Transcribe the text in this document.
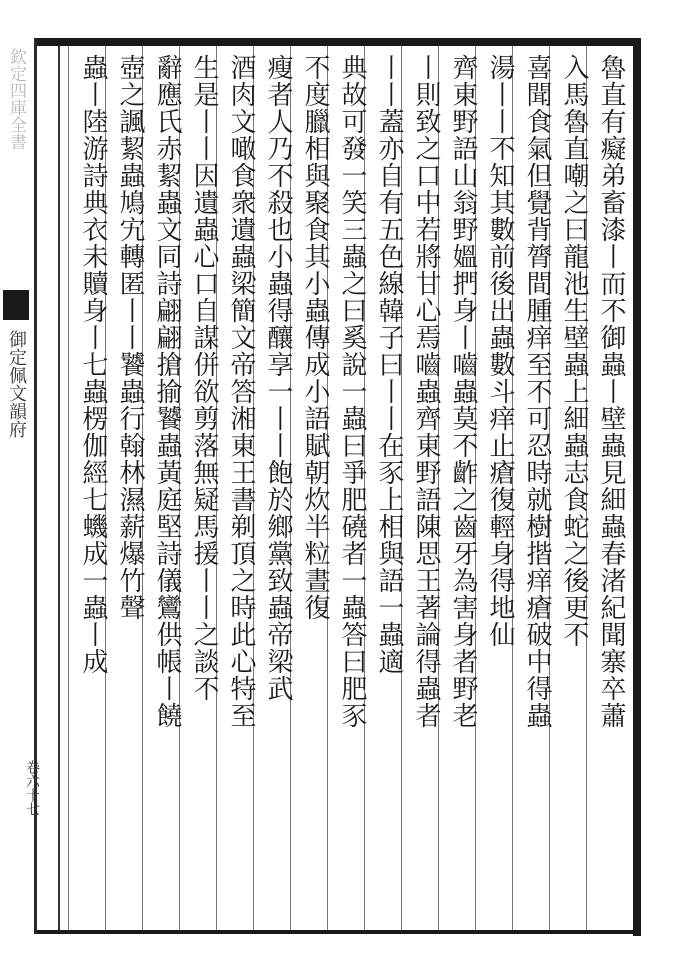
欽定四庫全書
御定佩文韻府
卷六十七
魯直有癡弟畜漆丨而不御蟲丨壁蟲見細蟲春渚紀聞寨卒蕭
入馬魯直嘲之曰龍池生壁蟲上細蟲志食蛇之後更不
喜聞食氣但覺背膂間腫痒至不可忍時就樹揩痒瘡破中得蟲
湯丨丨不知其數前後出蟲數斗痒止瘡復輕身得地仙
齊東野語山翁野媼捫身丨嚙蟲莫不齚之齒牙為害身者野老
丨則致之口中若將甘心焉嚙蟲齊東野語陳思王著論得蟲者
丨丨蓋亦自有五色線韓子曰丨丨在豕上相與語一蟲適
典故可發一笑三蟲之曰奚說一蟲曰爭肥磽者一蟲答曰肥豕
不度臘相與聚食其小蟲傳成小語賦朝炊半粒晝復
瘦者人乃不殺也小蟲得釀享一丨丨飽於鄉黨致蟲帝梁武
酒肉文噉食衆遺蟲梁簡文帝答湘東王書剃頂之時此心特至
生是丨丨因遺蟲心口自謀併欲剪落無疑馬援丨丨之談不
辭應氏赤絜蟲文同詩翩翩搶揄饕蟲黃庭堅詩儀鸞供帳丨饒
壺之諷絜蟲鳩宄轉匿丨丨饕蟲行翰林濕薪爆竹聲
蟲丨陸游詩典衣未贖身丨七蟲楞伽經七蟣成一蟲丨成
